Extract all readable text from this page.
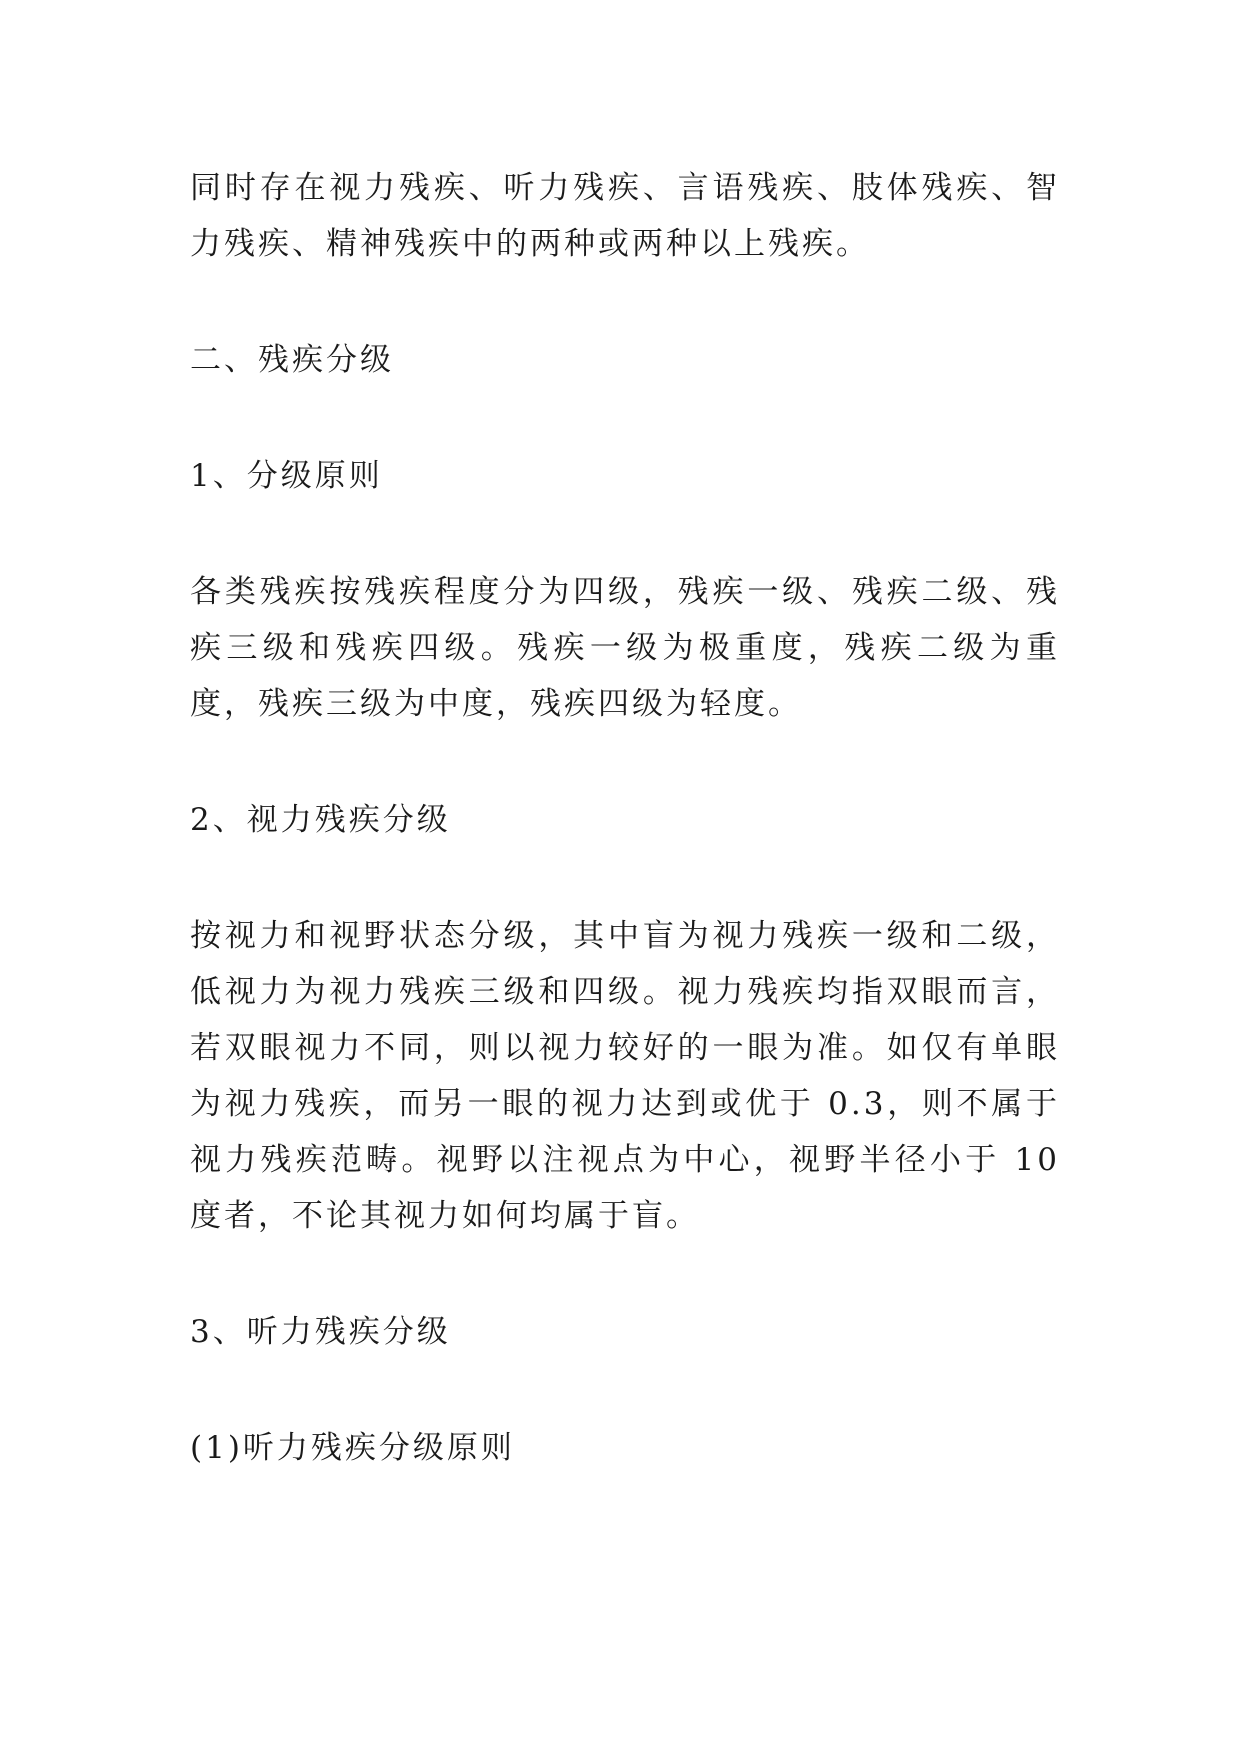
同时存在视力残疾、听力残疾、言语残疾、肢体残疾、智力残疾、精神残疾中的两种或两种以上残疾。

二、残疾分级

1、分级原则

各类残疾按残疾程度分为四级，残疾一级、残疾二级、残疾三级和残疾四级。残疾一级为极重度，残疾二级为重度，残疾三级为中度，残疾四级为轻度。

2、视力残疾分级

按视力和视野状态分级，其中盲为视力残疾一级和二级，低视力为视力残疾三级和四级。视力残疾均指双眼而言，若双眼视力不同，则以视力较好的一眼为准。如仅有单眼为视力残疾，而另一眼的视力达到或优于 0.3，则不属于视力残疾范畴。视野以注视点为中心，视野半径小于 10 度者，不论其视力如何均属于盲。

3、听力残疾分级

(1)听力残疾分级原则
